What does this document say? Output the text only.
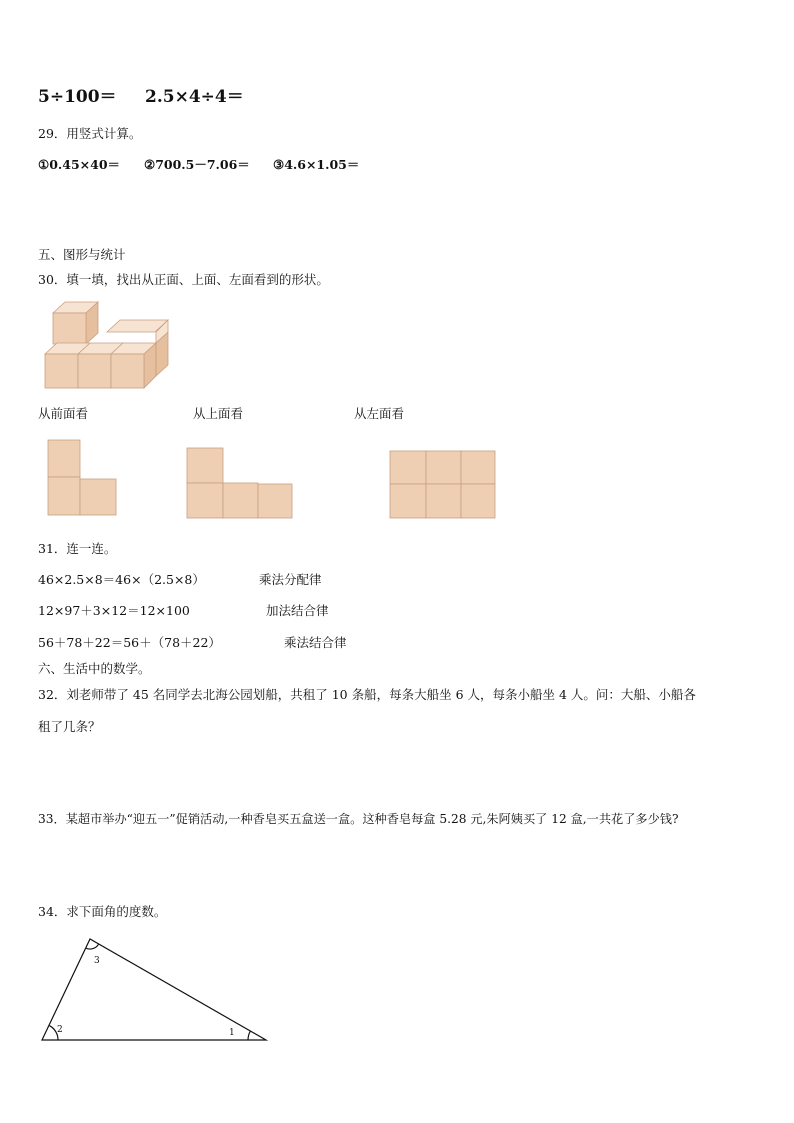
5÷100＝ 2.5×4÷4＝
29．用竖式计算。
①0.45×40＝ ②700.5－7.06＝ ③4.6×1.05＝
五、图形与统计
30．填一填，找出从正面、上面、左面看到的形状。
从前面看	从上面看	从左面看
31．连一连。
46×2.5×8＝46×（2.5×8）
12×97＋3×12＝12×100
56＋78＋22＝56＋（78＋22）
乘法分配律
加法结合律
乘法结合律
六、生活中的数学。
32．刘老师带了 45 名同学去北海公园划船，共租了 10 条船，每条大船坐 6 人，每条小船坐 4 人。问：大船、小船各
租了几条？
33．某超市举办“迎五一”促销活动,一种香皂买五盒送一盒。这种香皂每盒 5.28 元,朱阿姨买了 12 盒,一共花了多少钱?
34．求下面角的度数。
1
2
3
